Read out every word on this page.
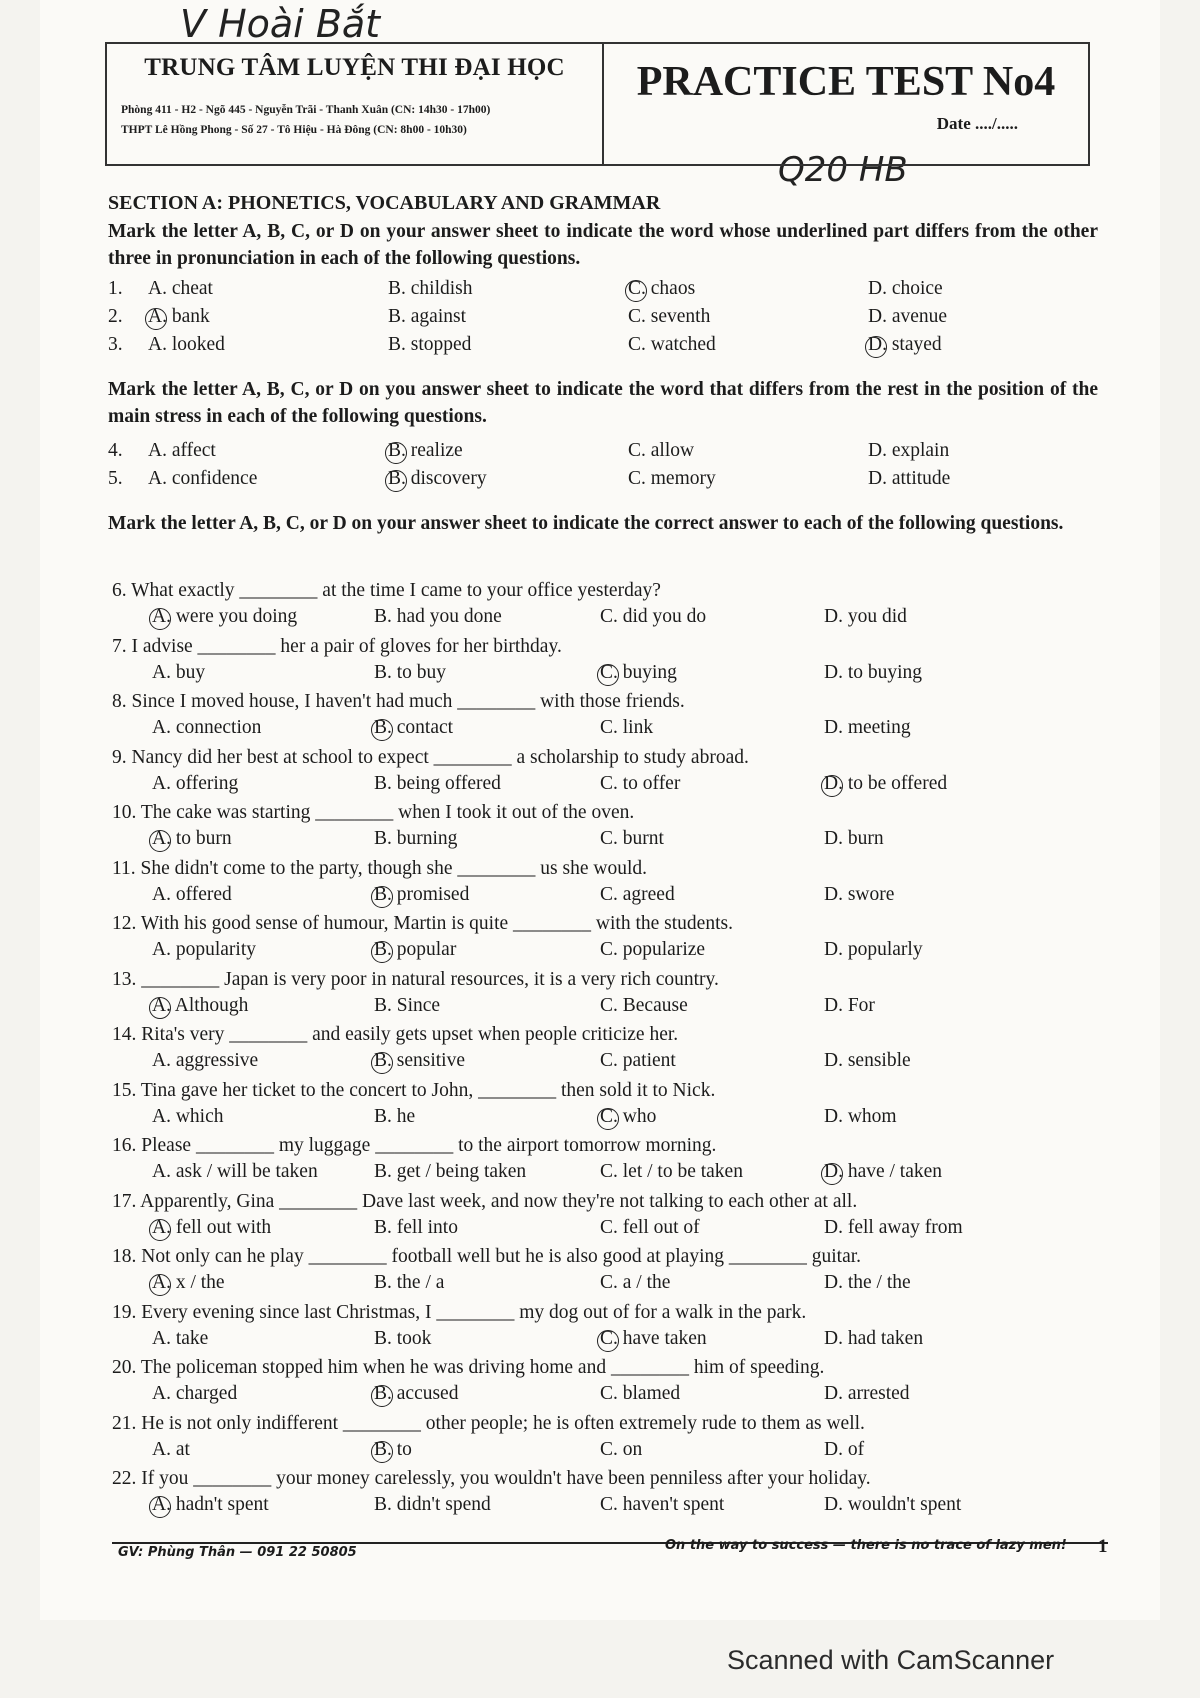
V Hoài Bắt
Q20 HB
TRUNG TÂM LUYỆN THI ĐẠI HỌC
Phòng 411 - H2 - Ngõ 445 - Nguyễn Trãi - Thanh Xuân (CN: 14h30 - 17h00)
THPT Lê Hồng Phong - Số 27 - Tô Hiệu - Hà Đông (CN: 8h00 - 10h30)
PRACTICE TEST No4
Date ..../.....
SECTION A: PHONETICS, VOCABULARY AND GRAMMAR
Mark the letter A, B, C, or D on your answer sheet to indicate the word whose underlined part differs from the other three in pronunciation in each of the following questions.
1. A. cheat	B. childish	C. chaos	D. choice
2. A. bank	B. against	C. seventh	D. avenue
3. A. looked	B. stopped	C. watched	D. stayed
Mark the letter A, B, C, or D on you answer sheet to indicate the word that differs from the rest in the position of the main stress in each of the following questions.
4. A. affect	B. realize	C. allow	D. explain
5. A. confidence	B. discovery	C. memory	D. attitude
Mark the letter A, B, C, or D on your answer sheet to indicate the correct answer to each of the following questions.
6. What exactly ________ at the time I came to your office yesterday?
A. were you doing	B. had you done	C. did you do	D. you did
7. I advise ________ her a pair of gloves for her birthday.
A. buy	B. to buy	C. buying	D. to buying
8. Since I moved house, I haven't had much ________ with those friends.
A. connection	B. contact	C. link	D. meeting
9. Nancy did her best at school to expect ________ a scholarship to study abroad.
A. offering	B. being offered	C. to offer	D. to be offered
10. The cake was starting ________ when I took it out of the oven.
A. to burn	B. burning	C. burnt	D. burn
11. She didn't come to the party, though she ________ us she would.
A. offered	B. promised	C. agreed	D. swore
12. With his good sense of humour, Martin is quite ________ with the students.
A. popularity	B. popular	C. popularize	D. popularly
13. ________ Japan is very poor in natural resources, it is a very rich country.
A. Although	B. Since	C. Because	D. For
14. Rita's very ________ and easily gets upset when people criticize her.
A. aggressive	B. sensitive	C. patient	D. sensible
15. Tina gave her ticket to the concert to John, ________ then sold it to Nick.
A. which	B. he	C. who	D. whom
16. Please ________ my luggage ________ to the airport tomorrow morning.
A. ask / will be taken	B. get / being taken	C. let / to be taken	D. have / taken
17. Apparently, Gina ________ Dave last week, and now they're not talking to each other at all.
A. fell out with	B. fell into	C. fell out of	D. fell away from
18. Not only can he play ________ football well but he is also good at playing ________ guitar.
A. x / the	B. the / a	C. a / the	D. the / the
19. Every evening since last Christmas, I ________ my dog out of for a walk in the park.
A. take	B. took	C. have taken	D. had taken
20. The policeman stopped him when he was driving home and ________ him of speeding.
A. charged	B. accused	C. blamed	D. arrested
21. He is not only indifferent ________ other people; he is often extremely rude to them as well.
A. at	B. to	C. on	D. of
22. If you ________ your money carelessly, you wouldn't have been penniless after your holiday.
A. hadn't spent	B. didn't spend	C. haven't spent	D. wouldn't spent
GV: Phùng Thân — 091 22 50805	On the way to success — there is no trace of lazy men! 1
Scanned with CamScanner
